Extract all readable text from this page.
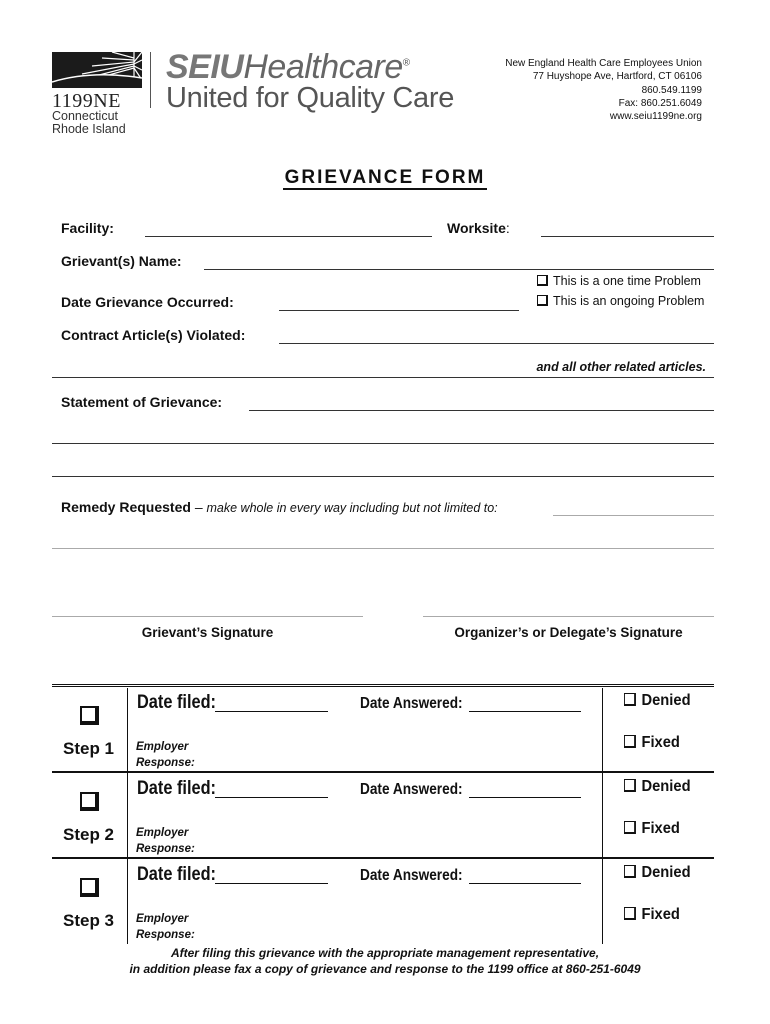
1199NE
Connecticut
Rhode Island
SEIUHealthcare®
United for Quality Care
New England Health Care Employees Union
77 Huyshope Ave, Hartford, CT 06106
860.549.1199
Fax: 860.251.6049
www.seiu1199ne.org
GRIEVANCE FORM
Facility:	Worksite:
Grievant(s) Name:
This is a one time Problem
This is an ongoing Problem
Date Grievance Occurred:
Contract Article(s) Violated:
and all other related articles.
Statement of Grievance:
Remedy Requested – make whole in every way including but not limited to:
Grievant’s Signature	Organizer’s or Delegate’s Signature
Step 1
Date filed:	Date Answered:
Employer
Response:
Denied
Fixed
Step 2
Date filed:	Date Answered:
Employer
Response:
Denied
Fixed
Step 3
Date filed:	Date Answered:
Employer
Response:
Denied
Fixed
After filing this grievance with the appropriate management representative,
in addition please fax a copy of grievance and response to the 1199 office at 860-251-6049
